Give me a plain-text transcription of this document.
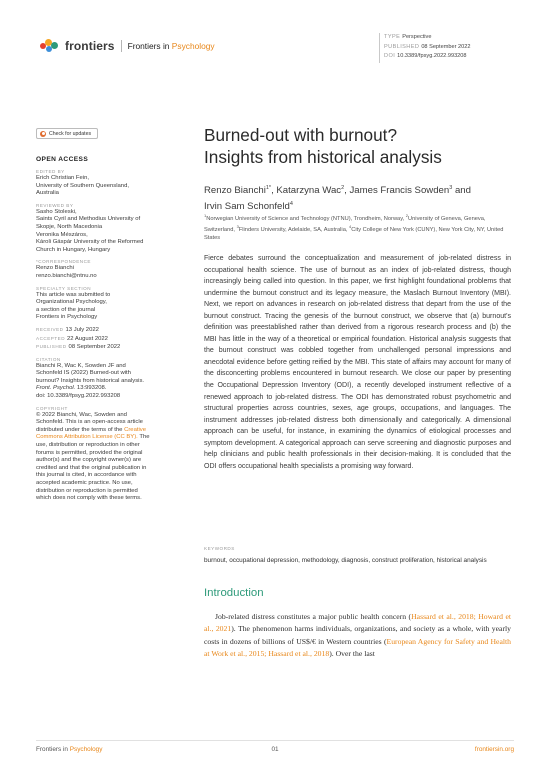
frontiers Frontiers in Psychology
TYPE Perspective
PUBLISHED 08 September 2022
DOI 10.3389/fpsyg.2022.993208
Check for updates
OPEN ACCESS
EDITED BY
Erich Christian Fein,
University of Southern Queensland,
Australia
REVIEWED BY
Sasho Stoleski,
Saints Cyril and Methodius University of
Skopje, North Macedonia
Veronika Mészáros,
Károli Gáspár University of the Reformed
Church in Hungary, Hungary
*CORRESPONDENCE
Renzo Bianchi
renzo.bianchi@ntnu.no
SPECIALTY SECTION
This article was submitted to
Organizational Psychology,
a section of the journal
Frontiers in Psychology
RECEIVED 13 July 2022
ACCEPTED 22 August 2022
PUBLISHED 08 September 2022
CITATION
Bianchi R, Wac K, Sowden JF and
Schonfeld IS (2022) Burned-out with
burnout? Insights from historical analysis.
Front. Psychol. 13:993208.
doi: 10.3389/fpsyg.2022.993208
COPYRIGHT
© 2022 Bianchi, Wac, Sowden and
Schonfeld. This is an open-access article
distributed under the terms of the Creative
Commons Attribution License (CC BY). The
use, distribution or reproduction in other
forums is permitted, provided the original
author(s) and the copyright owner(s) are
credited and that the original publication in
this journal is cited, in accordance with
accepted academic practice. No use,
distribution or reproduction is permitted
which does not comply with these terms.
Burned-out with burnout?
Insights from historical analysis
Renzo Bianchi$^{1*}$, Katarzyna Wac$^2$, James Francis Sowden$^3$ and
Irvin Sam Schonfeld$^4$
$^1$Norwegian University of Science and Technology (NTNU), Trondheim, Norway, $^2$University of Geneva, Geneva, Switzerland, $^3$Flinders University, Adelaide, SA, Australia, $^4$City College of New York (CUNY), New York City, NY, United States
Fierce debates surround the conceptualization and measurement of job-related distress in occupational health science. The use of burnout as an index of job-related distress, though increasingly being called into question. In this paper, we first highlight foundational problems that undermine the burnout construct and its legacy measure, the Maslach Burnout Inventory (MBI). Next, we report on advances in research on job-related distress that depart from the use of the burnout construct. Tracing the genesis of the burnout construct, we observe that (a) burnout's definition was preestablished rather than derived from a rigorous research process and (b) the MBI has little in the way of a theoretical or empirical foundation. Historical analysis suggests that the burnout construct was cobbled together from unchallenged personal impressions and anecdotal evidence before getting reified by the MBI. This state of affairs may account for many of the disconcerting problems encountered in burnout research. We close our paper by presenting the Occupational Depression Inventory (ODI), a recently developed instrument reflective of a renewed approach to job-related distress. The ODI has demonstrated robust psychometric and structural properties across countries, sexes, age groups, occupations, and languages. The instrument addresses job-related distress both dimensionally and categorically. A dimensional approach can be useful, for instance, in examining the dynamics of etiological processes and symptom development. A categorical approach can serve screening and diagnostic purposes and help clinicians and public health professionals in their decision-making. It is concluded that the ODI offers occupational health specialists a promising way forward.
KEYWORDS
burnout, occupational depression, methodology, diagnosis, construct proliferation, historical analysis
Introduction
Job-related distress constitutes a major public health concern (Hassard et al., 2018; Howard et al., 2021). The phenomenon harms individuals, organizations, and society as a whole, with yearly costs in dozens of billions of US$/€ in Western countries (European Agency for Safety and Health at Work et al., 2015; Hassard et al., 2018). Over the last
Frontiers in Psychology	01	frontiersin.org
